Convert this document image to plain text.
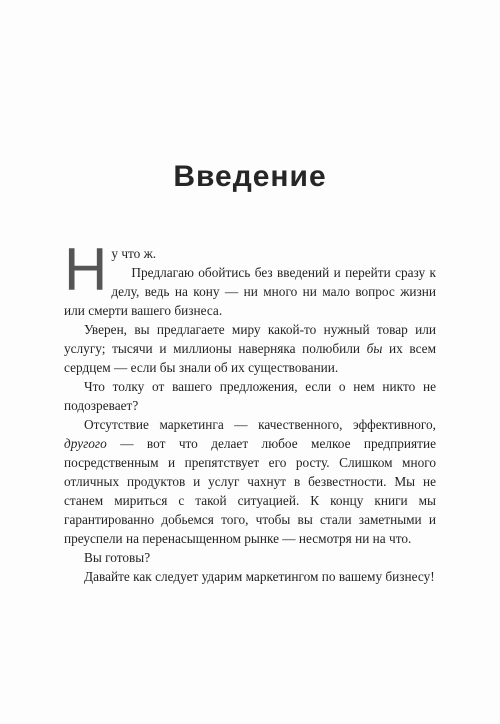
Введение
Н у что ж.

Предлагаю обойтись без введений и перейти сразу к делу, ведь на кону — ни много ни мало вопрос жизни или смерти вашего бизнеса.

Уверен, вы предлагаете миру какой-то нужный товар или услугу; тысячи и миллионы наверняка полюбили бы их всем сердцем — если бы знали об их существовании.

Что толку от вашего предложения, если о нем никто не подозревает?

Отсутствие маркетинга — качественного, эффективного, другого — вот что делает любое мелкое предприятие посредственным и препятствует его росту. Слишком много отличных продуктов и услуг чахнут в безвестности. Мы не станем мириться с такой ситуацией. К концу книги мы гарантированно добьемся того, чтобы вы стали заметными и преуспели на перенасыщенном рынке — несмотря ни на что.

Вы готовы?

Давайте как следует ударим маркетингом по вашему бизнесу!
